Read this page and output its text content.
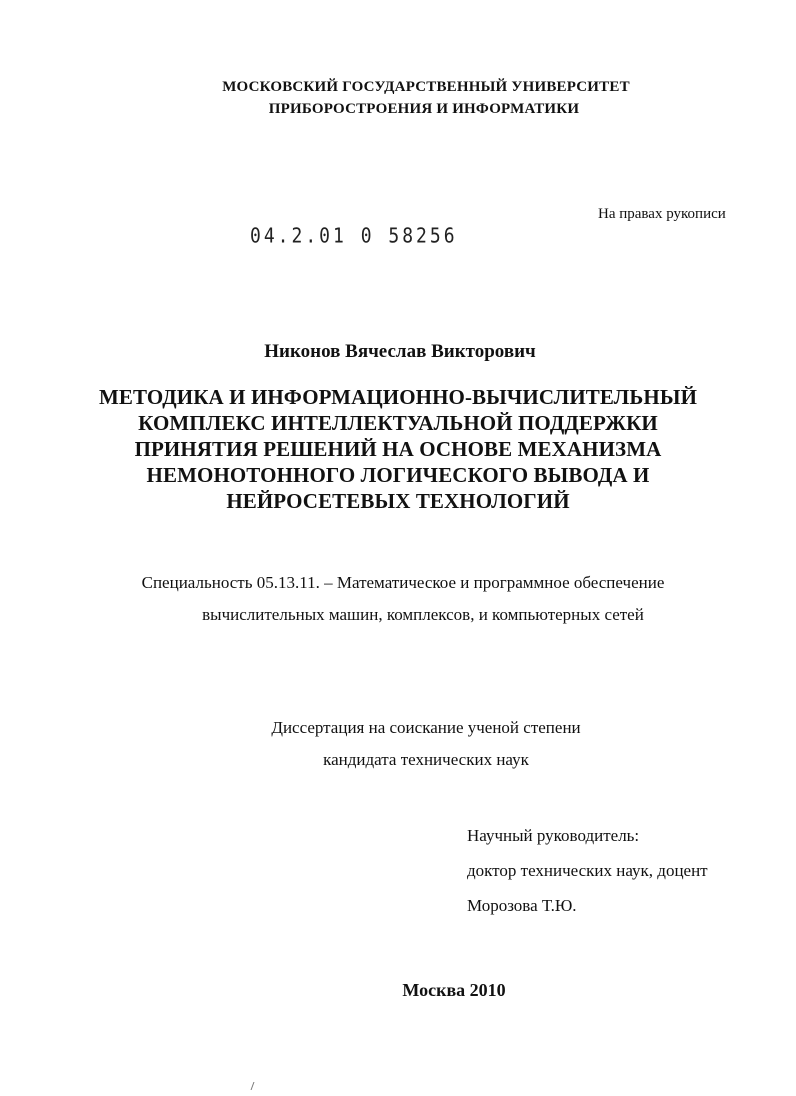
МОСКОВСКИЙ ГОСУДАРСТВЕННЫЙ УНИВЕРСИТЕТ
ПРИБОРОСТРОЕНИЯ И ИНФОРМАТИКИ
На правах рукописи
04.2.01 0 58256
Никонов Вячеслав Викторович
МЕТОДИКА И ИНФОРМАЦИОННО-ВЫЧИСЛИТЕЛЬНЫЙ
КОМПЛЕКС ИНТЕЛЛЕКТУАЛЬНОЙ ПОДДЕРЖКИ
ПРИНЯТИЯ РЕШЕНИЙ НА ОСНОВЕ МЕХАНИЗМА
НЕМОНОТОННОГО ЛОГИЧЕСКОГО ВЫВОДА И
НЕЙРОСЕТЕВЫХ ТЕХНОЛОГИЙ
Специальность 05.13.11. – Математическое и программное обеспечение
вычислительных машин, комплексов, и компьютерных сетей
Диссертация на соискание ученой степени
кандидата технических наук
Научный руководитель:
доктор технических наук, доцент
Морозова Т.Ю.
Москва 2010
